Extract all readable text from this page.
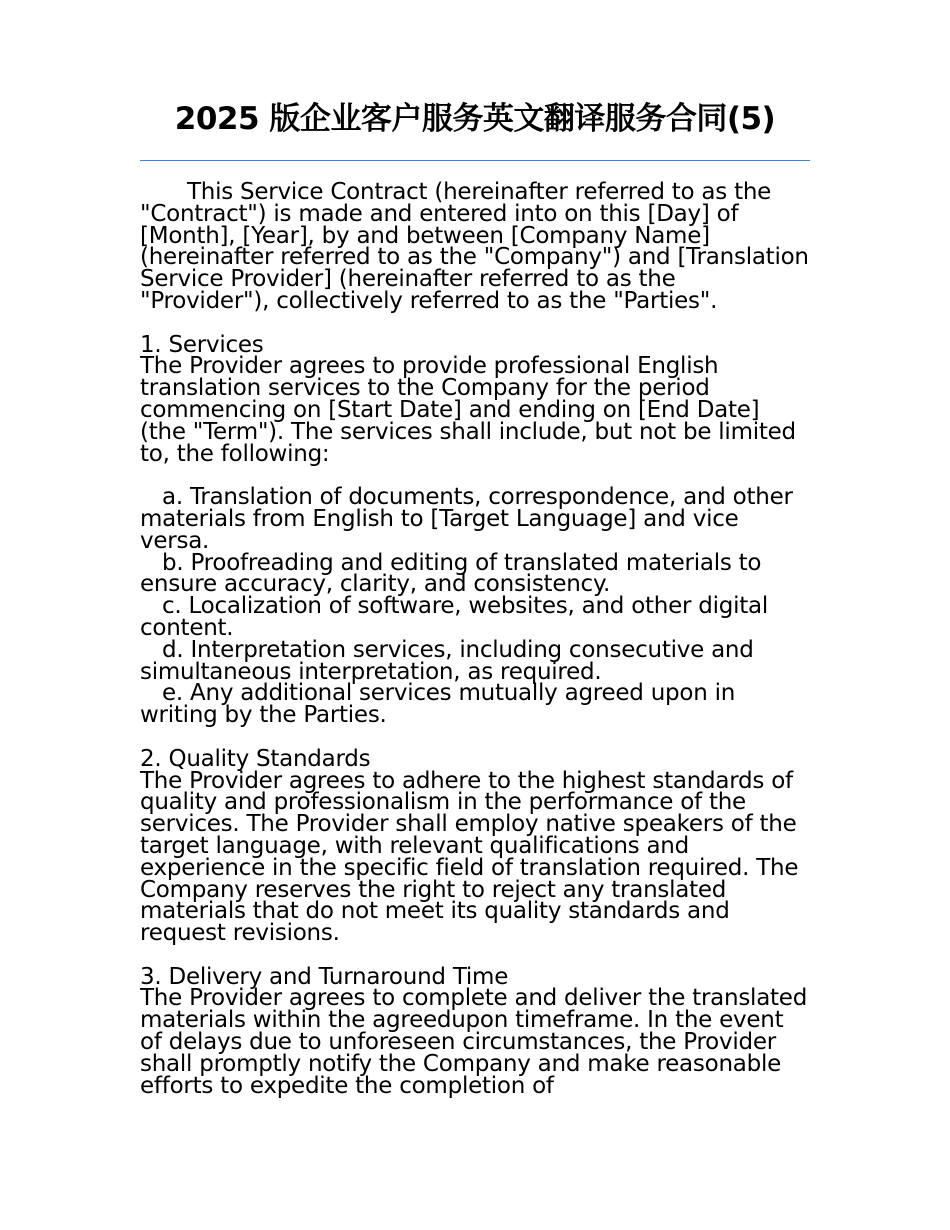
2025 版企业客户服务英文翻译服务合同(5)

This Service Contract (hereinafter referred to as the "Contract") is made and entered into on this [Day] of [Month], [Year], by and between [Company Name] (hereinafter referred to as the "Company") and [Translation Service Provider] (hereinafter referred to as the "Provider"), collectively referred to as the "Parties".

1. Services

The Provider agrees to provide professional English translation services to the Company for the period commencing on [Start Date] and ending on [End Date] (the "Term"). The services shall include, but not be limited to, the following:

a. Translation of documents, correspondence, and other materials from English to [Target Language] and vice versa.

b. Proofreading and editing of translated materials to ensure accuracy, clarity, and consistency.

c. Localization of software, websites, and other digital content.

d. Interpretation services, including consecutive and simultaneous interpretation, as required.

e. Any additional services mutually agreed upon in writing by the Parties.

2. Quality Standards

The Provider agrees to adhere to the highest standards of quality and professionalism in the performance of the services. The Provider shall employ native speakers of the target language, with relevant qualifications and experience in the specific field of translation required. The Company reserves the right to reject any translated materials that do not meet its quality standards and request revisions.

3. Delivery and Turnaround Time

The Provider agrees to complete and deliver the translated materials within the agreedupon timeframe. In the event of delays due to unforeseen circumstances, the Provider shall promptly notify the Company and make reasonable efforts to expedite the completion of
